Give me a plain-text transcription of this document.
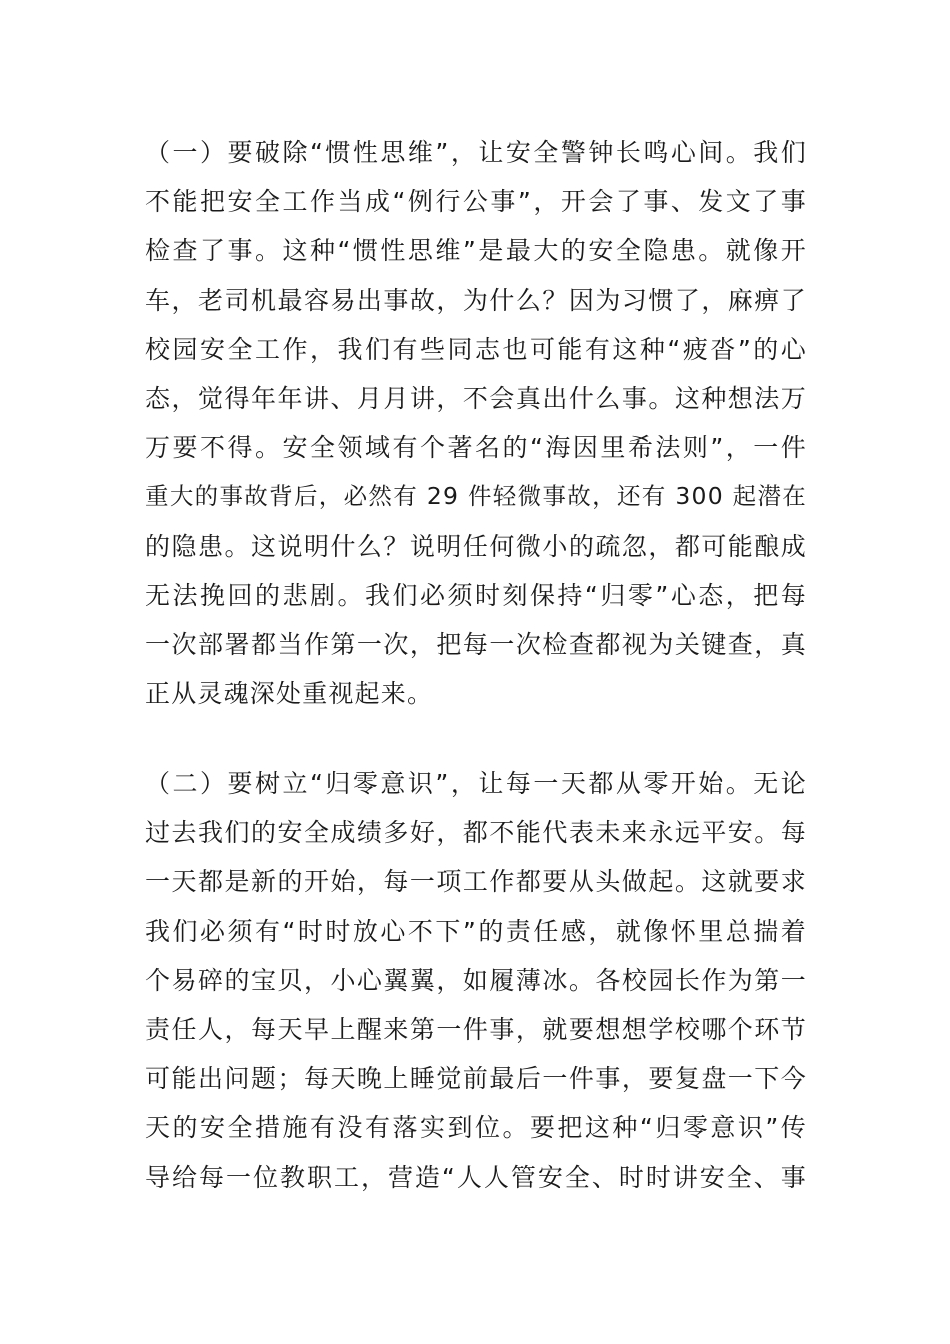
（一）要破除“惯性思维”，让安全警钟长鸣心间。我们
不能把安全工作当成“例行公事”，开会了事、发文了事
检查了事。这种“惯性思维”是最大的安全隐患。就像开
车，老司机最容易出事故，为什么？因为习惯了，麻痹了
校园安全工作，我们有些同志也可能有这种“疲沓”的心
态，觉得年年讲、月月讲，不会真出什么事。这种想法万
万要不得。安全领域有个著名的“海因里希法则”，一件
重大的事故背后，必然有 29 件轻微事故，还有 300 起潜在
的隐患。这说明什么？说明任何微小的疏忽，都可能酿成
无法挽回的悲剧。我们必须时刻保持“归零”心态，把每
一次部署都当作第一次，把每一次检查都视为关键查，真
正从灵魂深处重视起来。
（二）要树立“归零意识”，让每一天都从零开始。无论
过去我们的安全成绩多好，都不能代表未来永远平安。每
一天都是新的开始，每一项工作都要从头做起。这就要求
我们必须有“时时放心不下”的责任感，就像怀里总揣着
个易碎的宝贝，小心翼翼，如履薄冰。各校园长作为第一
责任人，每天早上醒来第一件事，就要想想学校哪个环节
可能出问题；每天晚上睡觉前最后一件事，要复盘一下今
天的安全措施有没有落实到位。要把这种“归零意识”传
导给每一位教职工，营造“人人管安全、时时讲安全、事
